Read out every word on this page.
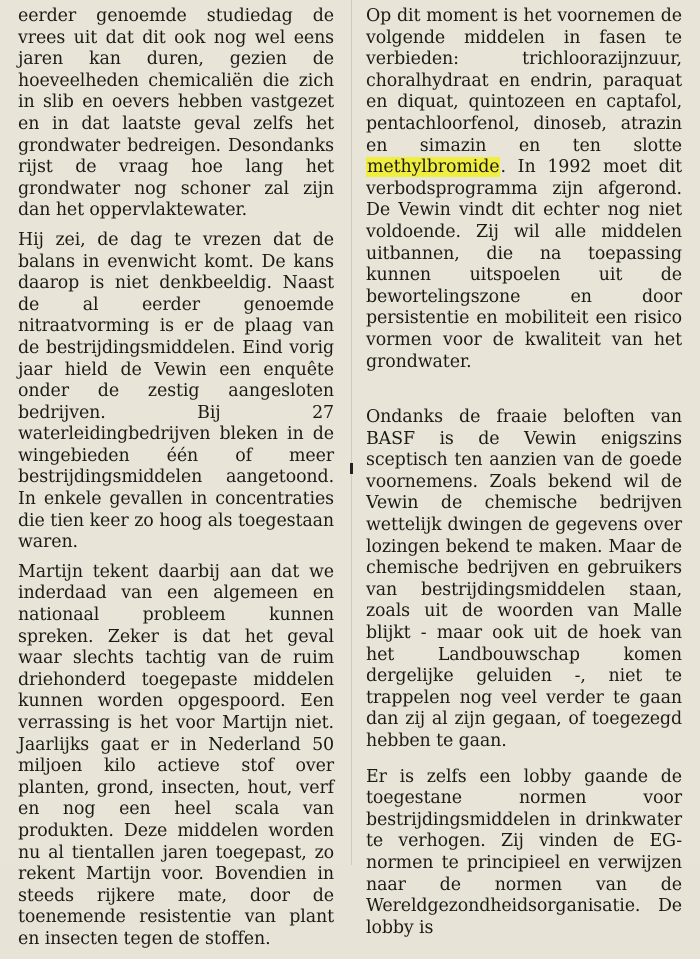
eerder genoemde studiedag de vrees uit dat dit ook nog wel eens jaren kan duren, gezien de hoeveelheden chemicaliën die zich in slib en oevers hebben vastgezet en in dat laatste geval zelfs het grondwater bedreigen. Desondanks rijst de vraag hoe lang het grondwater nog schoner zal zijn dan het oppervlaktewater.

Hij zei, de dag te vrezen dat de balans in evenwicht komt. De kans daarop is niet denkbeeldig. Naast de al eerder genoemde nitraatvorming is er de plaag van de bestrijdingsmiddelen. Eind vorig jaar hield de Vewin een enquête onder de zestig aangesloten bedrijven. Bij 27 waterleidingbedrijven bleken in de wingebieden één of meer bestrijdingsmiddelen aangetoond. In enkele gevallen in concentraties die tien keer zo hoog als toegestaan waren.

Martijn tekent daarbij aan dat we inderdaad van een algemeen en nationaal probleem kunnen spreken. Zeker is dat het geval waar slechts tachtig van de ruim driehonderd toegepaste middelen kunnen worden opgespoord. Een verrassing is het voor Martijn niet. Jaarlijks gaat er in Nederland 50 miljoen kilo actieve stof over planten, grond, insecten, hout, verf en nog een heel scala van produkten. Deze middelen worden nu al tientallen jaren toegepast, zo rekent Martijn voor. Bovendien in steeds rijkere mate, door de toenemende resistentie van plant en insecten tegen de stoffen.

Op dit moment is het voornemen de volgende middelen in fasen te verbieden: trichloorazijnzuur, choralhydraat en endrin, paraquat en diquat, quintozeen en captafol, pentachloorfenol, dinoseb, atrazin en simazin en ten slotte methylbromide. In 1992 moet dit verbodsprogramma zijn afgerond. De Vewin vindt dit echter nog niet voldoende. Zij wil alle middelen uitbannen, die na toepassing kunnen uitspoelen uit de bewortelingszone en door persistentie en mobiliteit een risico vormen voor de kwaliteit van het grondwater.

Ondanks de fraaie beloften van BASF is de Vewin enigszins sceptisch ten aanzien van de goede voornemens. Zoals bekend wil de Vewin de chemische bedrijven wettelijk dwingen de gegevens over lozingen bekend te maken. Maar de chemische bedrijven en gebruikers van bestrijdingsmiddelen staan, zoals uit de woorden van Malle blijkt - maar ook uit de hoek van het Landbouwschap komen dergelijke geluiden -, niet te trappelen nog veel verder te gaan dan zij al zijn gegaan, of toegezegd hebben te gaan.

Er is zelfs een lobby gaande de toegestane normen voor bestrijdingsmiddelen in drinkwater te verhogen. Zij vinden de EG-normen te principieel en verwijzen naar de normen van de Wereldgezondheidsorganisatie. De lobby is
